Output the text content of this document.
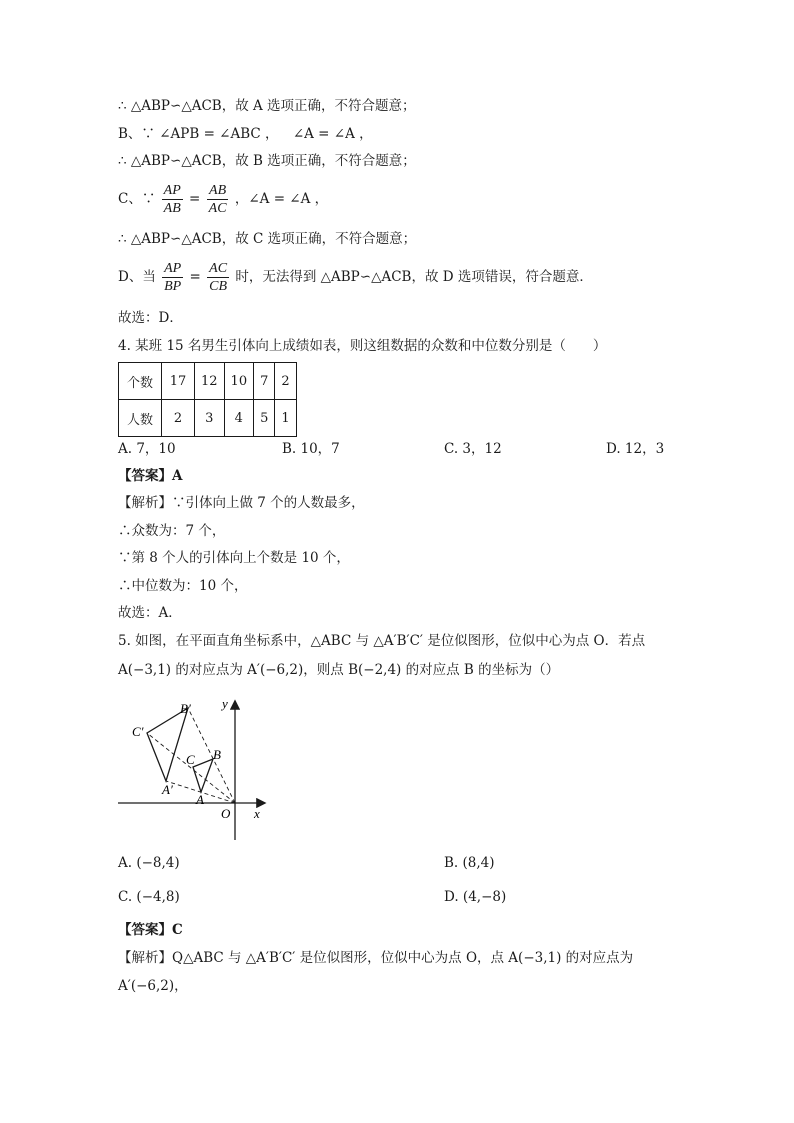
∴ △ABP∽△ACB，故 A 选项正确，不符合题意；
B、∵ ∠APB = ∠ABC ， ∠A = ∠A ，
∴ △ABP∽△ACB，故 B 选项正确，不符合题意；
C、∵ $\frac{AP}{AB} = \frac{AB}{AC}$ ，∠A = ∠A ，
∴ △ABP∽△ACB，故 C 选项正确，不符合题意；
D、当 $\frac{AP}{BP} = \frac{AC}{CB}$ 时，无法得到 △ABP∽△ACB，故 D 选项错误，符合题意．
故选：D．
4. 某班 15 名男生引体向上成绩如表，则这组数据的众数和中位数分别是（　　）
个数	17	12	10	7	2
人数	2	3	4	5	1
A. 7，10	B. 10，7	C. 3，12	D. 12，3
【答案】A
【解析】∵引体向上做 7 个的人数最多，
∴众数为：7 个，
∵第 8 个人的引体向上个数是 10 个，
∴中位数为：10 个，
故选：A．
5. 如图，在平面直角坐标系中，△ABC 与 △A′B′C′ 是位似图形，位似中心为点 O．若点
A(−3,1) 的对应点为 A′(−6,2)，则点 B(−2,4) 的对应点 B 的坐标为（）
B′
C′
A′
B
C
A
O x
y
A. (−8,4)	B. (8,4)
C. (−4,8)	D. (4,−8)
【答案】C
【解析】Q△ABC 与 △A′B′C′ 是位似图形，位似中心为点 O，点 A(−3,1) 的对应点为
A′(−6,2)，
